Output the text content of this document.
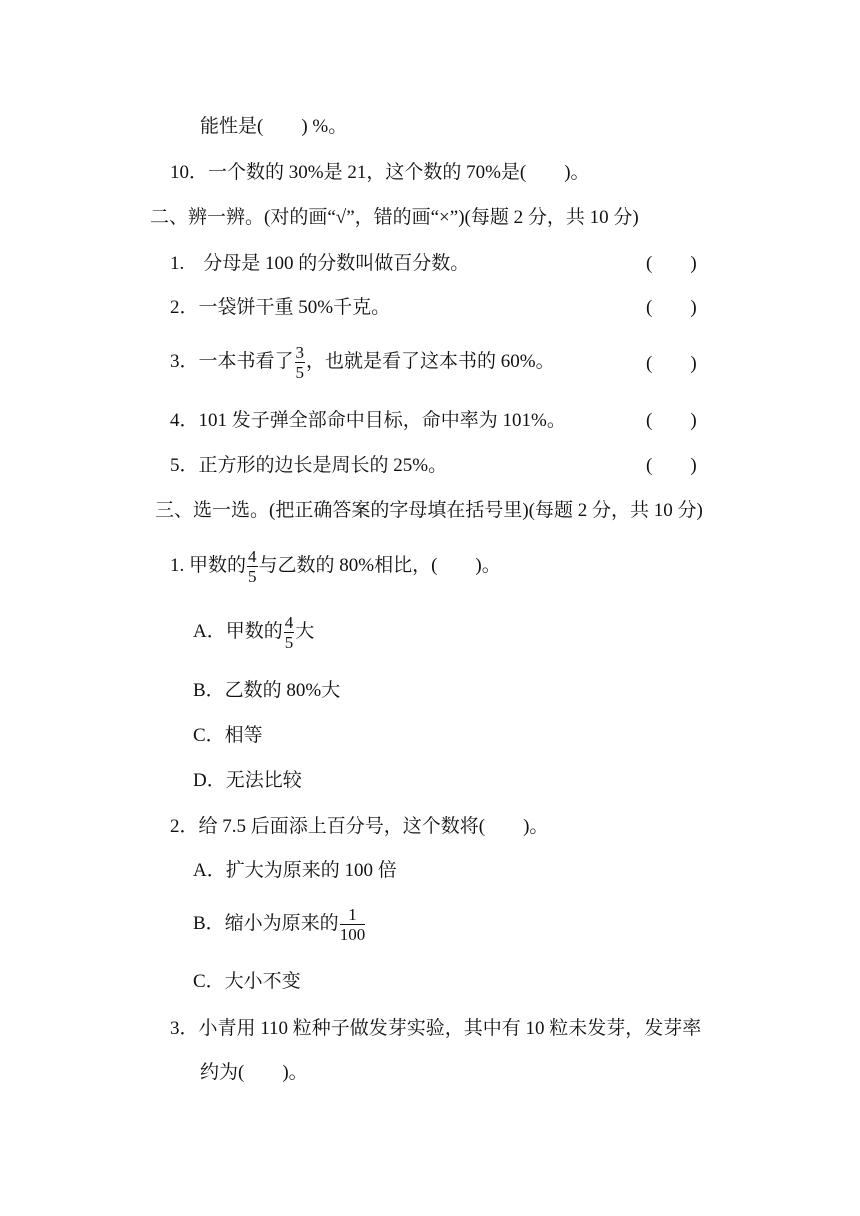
能性是(　　) %。
10．一个数的 30%是 21，这个数的 70%是(　　)。
二、辨一辨。(对的画“√”，错的画“×”)(每题 2 分，共 10 分)
1.　分母是 100 的分数叫做百分数。	(　　)
2．一袋饼干重 50%千克。	(　　)
3．一本书看了 $\frac{3}{5}$ ，也就是看了这本书的 60%。	(　　)
4．101 发子弹全部命中目标，命中率为 101%。	(　　)
5．正方形的边长是周长的 25%。	(　　)
三、选一选。(把正确答案的字母填在括号里)(每题 2 分，共 10 分)
1. 甲数的 $\frac{4}{5}$ 与乙数的 80%相比，(　　)。
A．甲数的 $\frac{4}{5}$ 大
B．乙数的 80%大
C．相等
D．无法比较
2．给 7.5 后面添上百分号，这个数将(　　)。
A．扩大为原来的 100 倍
B．缩小为原来的 $\frac{1}{100}$
C．大小不变
3．小青用 110 粒种子做发芽实验，其中有 10 粒未发芽，发芽率
约为(　　)。
